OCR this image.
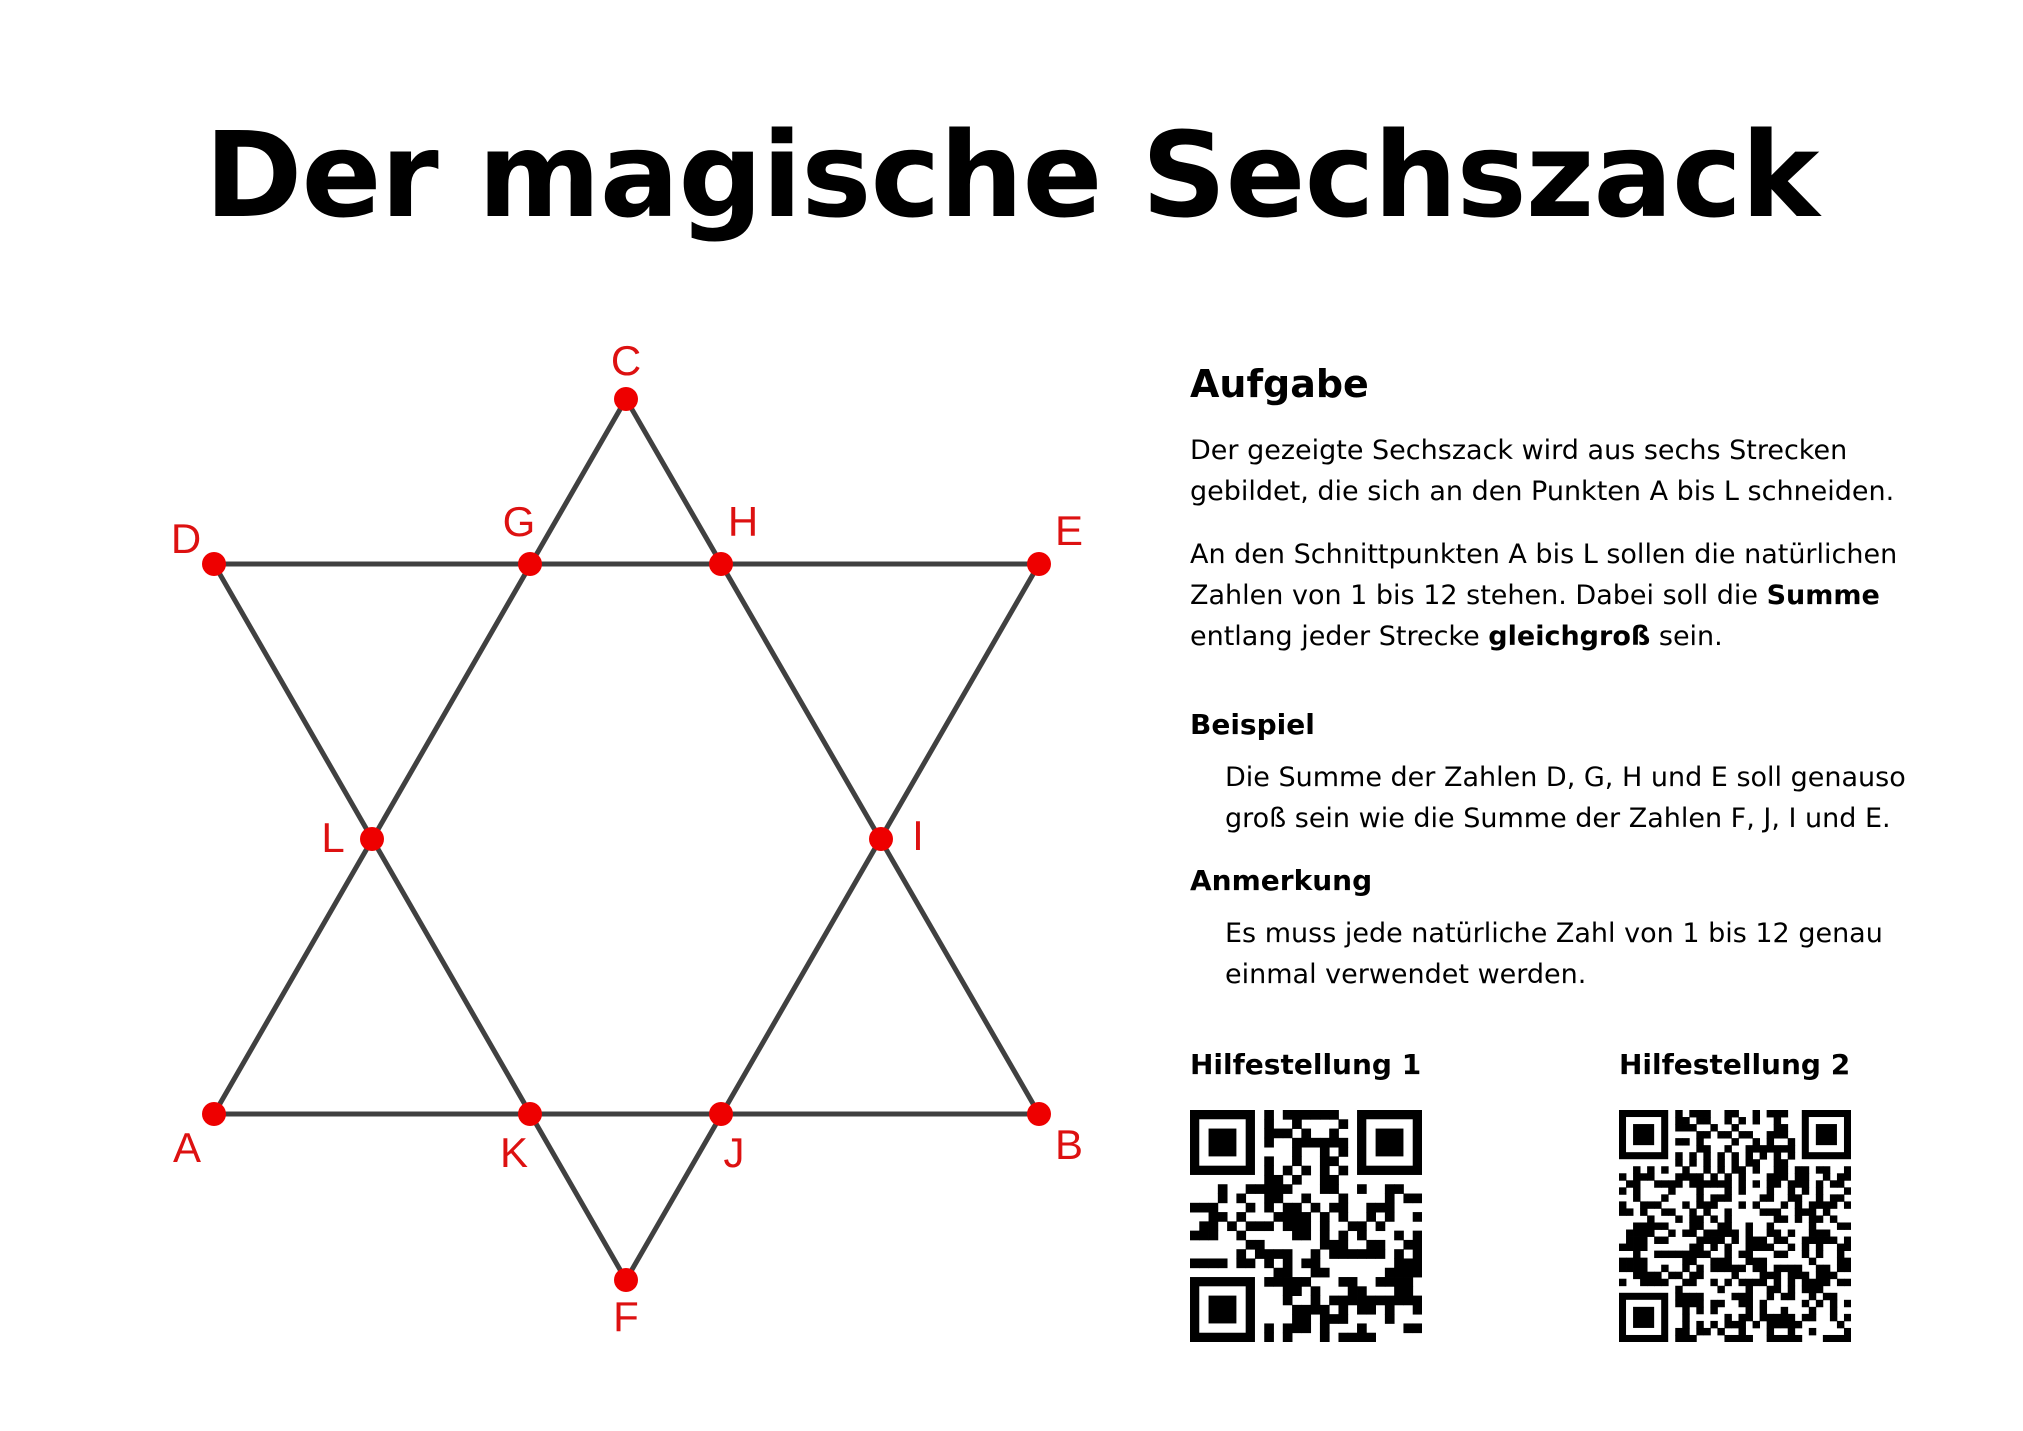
Der magische Sechszack
A	B
C
D	E
F
G	H
I
J
K
L
Aufgabe
Der gezeigte Sechszack wird aus sechs Strecken gebildet, die sich an den Punkten A bis L schneiden.
An den Schnittpunkten A bis L sollen die natürlichen Zahlen von 1 bis 12 stehen. Dabei soll die Summe entlang jeder Strecke gleichgroß sein.
Beispiel
Die Summe der Zahlen D, G, H und E soll genauso groß sein wie die Summe der Zahlen F, J, I und E.
Anmerkung
Es muss jede natürliche Zahl von 1 bis 12 genau einmal verwendet werden.
Hilfestellung 1	Hilfestellung 2
